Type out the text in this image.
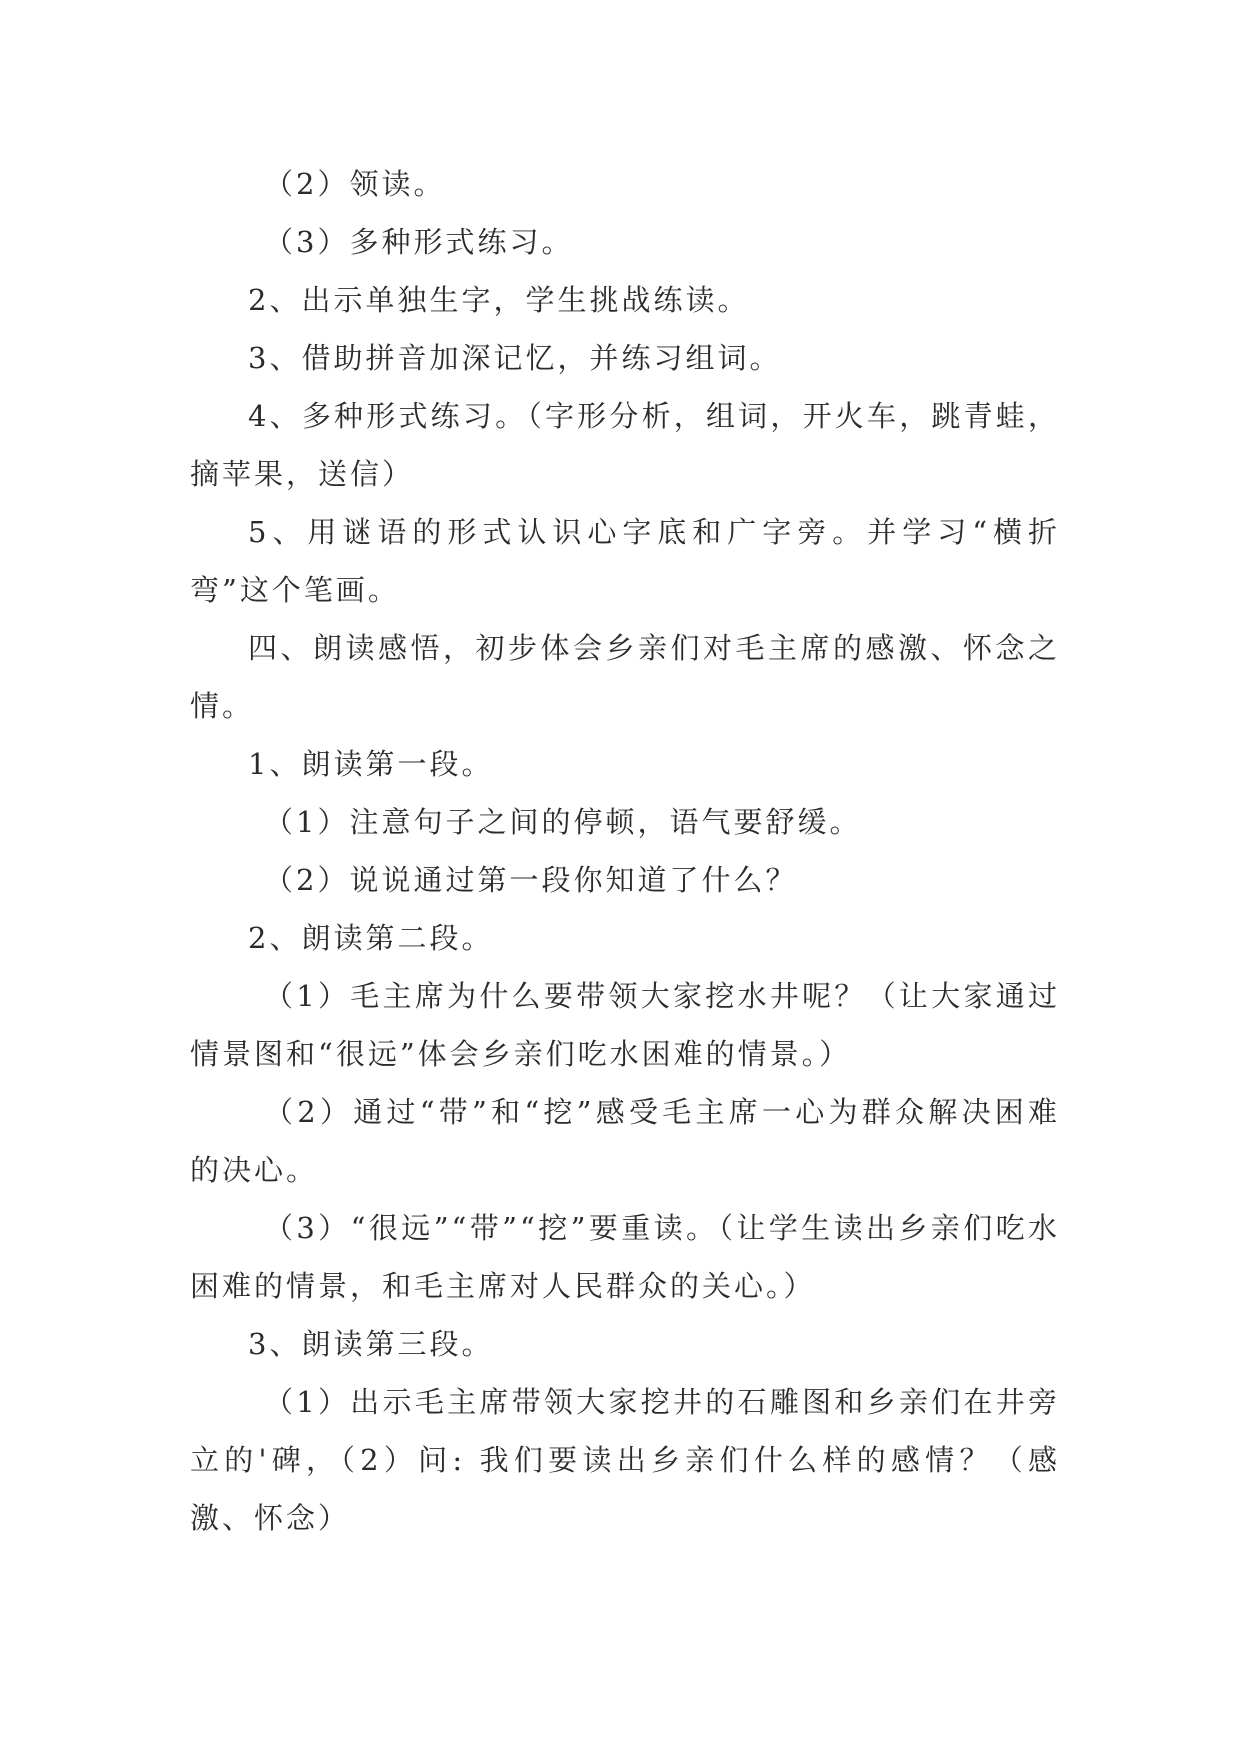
（2）领读。

（3）多种形式练习。

2、出示单独生字，学生挑战练读。

3、借助拼音加深记忆，并练习组词。

4、多种形式练习。（字形分析，组词，开火车，跳青蛙，摘苹果，送信）

5、用谜语的形式认识心字底和广字旁。并学习“横折弯”这个笔画。

四、朗读感悟，初步体会乡亲们对毛主席的感激、怀念之情。

1、朗读第一段。

（1）注意句子之间的停顿，语气要舒缓。

（2）说说通过第一段你知道了什么？

2、朗读第二段。

（1）毛主席为什么要带领大家挖水井呢？（让大家通过情景图和“很远”体会乡亲们吃水困难的情景。）

（2）通过“带”和“挖”感受毛主席一心为群众解决困难的决心。

（3）“很远”“带”“挖”要重读。（让学生读出乡亲们吃水困难的情景，和毛主席对人民群众的关心。）

3、朗读第三段。

（1）出示毛主席带领大家挖井的石雕图和乡亲们在井旁立的'碑，（2）问: 我们要读出乡亲们什么样的感情？（感激、怀念）
